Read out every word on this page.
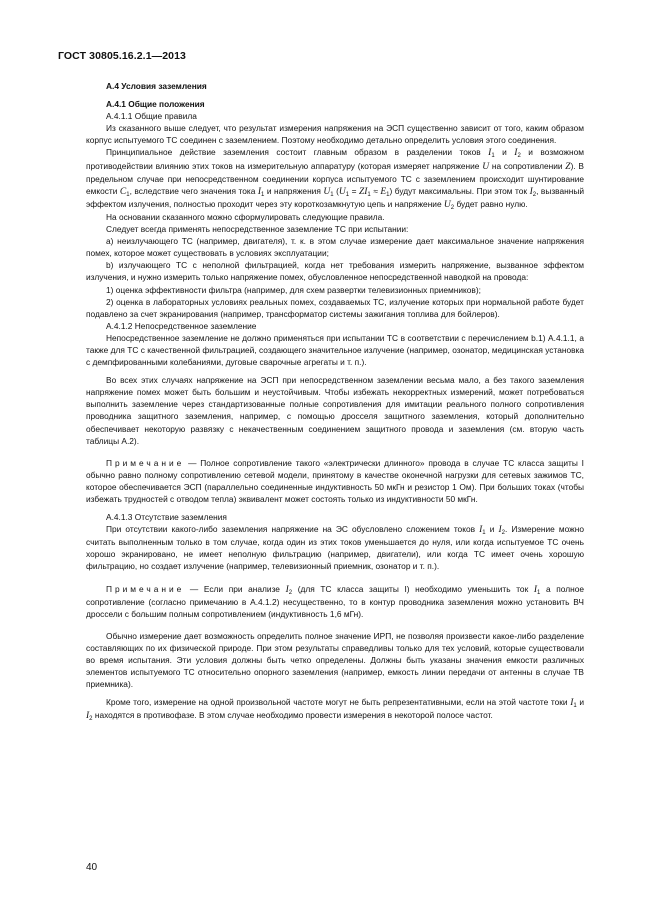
ГОСТ 30805.16.2.1—2013

А.4 Условия заземления

А.4.1 Общие положения

А.4.1.1 Общие правила

Из сказанного выше следует, что результат измерения напряжения на ЭСП существенно зависит от того, каким образом корпус испытуемого ТС соединен с заземлением. Поэтому необходимо детально определить условия этого соединения.

Принципиальное действие заземления состоит главным образом в разделении токов $I_1$ и $I_2$ и возможном противодействии влиянию этих токов на измерительную аппаратуру (которая измеряет напряжение U на сопротивлении Z). В предельном случае при непосредственном соединении корпуса испытуемого ТС с заземлением происходит шунтирование емкости $C_1$, вследствие чего значения тока $I_1$ и напряжения $U_1$ $(U_1 = ZI_1 \approx E_1)$ будут максимальны. При этом ток $I_2$, вызванный эффектом излучения, полностью проходит через эту короткозамкнутую цепь и напряжение $U_2$ будет равно нулю.

На основании сказанного можно сформулировать следующие правила.

Следует всегда применять непосредственное заземление ТС при испытании:

a) неизлучающего ТС (например, двигателя), т. к. в этом случае измерение дает максимальное значение напряжения помех, которое может существовать в условиях эксплуатации;

b) излучающего ТС с неполной фильтрацией, когда нет требования измерить напряжение, вызванное эффектом излучения, и нужно измерить только напряжение помех, обусловленное непосредственной наводкой на провода:

1) оценка эффективности фильтра (например, для схем развертки телевизионных приемников);

2) оценка в лабораторных условиях реальных помех, создаваемых ТС, излучение которых при нормальной работе будет подавлено за счет экранирования (например, трансформатор системы зажигания топлива для бойлеров).

А.4.1.2 Непосредственное заземление

Непосредственное заземление не должно применяться при испытании ТС в соответствии с перечислением b.1) А.4.1.1, а также для ТС с качественной фильтрацией, создающего значительное излучение (например, озонатор, медицинская установка с демпфированными колебаниями, дуговые сварочные агрегаты и т. п.).

Во всех этих случаях напряжение на ЭСП при непосредственном заземлении весьма мало, а без такого заземления напряжение помех может быть большим и неустойчивым. Чтобы избежать некорректных измерений, может потребоваться выполнить заземление через стандартизованные полные сопротивления для имитации реального полного сопротивления проводника защитного заземления, например, с помощью дросселя защитного заземления, который дополнительно обеспечивает некоторую развязку с некачественным соединением защитного провода и заземления (см. вторую часть таблицы А.2).

Примечание — Полное сопротивление такого «электрически длинного» провода в случае ТС класса защиты I обычно равно полному сопротивлению сетевой модели, принятому в качестве оконечной нагрузки для сетевых зажимов ТС, которое обеспечивается ЭСП (параллельно соединенные индуктивность 50 мкГн и резистор 1 Ом). При больших токах (чтобы избежать трудностей с отводом тепла) эквивалент может состоять только из индуктивности 50 мкГн.

А.4.1.3 Отсутствие заземления

При отсутствии какого-либо заземления напряжение на ЭС обусловлено сложением токов $I_1$ и $I_2$. Измерение можно считать выполненным только в том случае, когда один из этих токов уменьшается до нуля, или когда испытуемое ТС очень хорошо экранировано, не имеет неполную фильтрацию (например, двигатели), или когда ТС имеет очень хорошую фильтрацию, но создает излучение (например, телевизионный приемник, озонатор и т. п.).

Примечание — Если при анализе $I_2$ (для ТС класса защиты I) необходимо уменьшить ток $I_1$ а полное сопротивление (согласно примечанию в А.4.1.2) несущественно, то в контур проводника заземления можно установить ВЧ дроссели с большим полным сопротивлением (индуктивность 1,6 мГн).

Обычно измерение дает возможность определить полное значение ИРП, не позволяя произвести какое-либо разделение составляющих по их физической природе. При этом результаты справедливы только для тех условий, которые существовали во время испытания. Эти условия должны быть четко определены. Должны быть указаны значения емкости различных элементов испытуемого ТС относительно опорного заземления (например, емкость линии передачи от антенны в случае ТВ приемника).

Кроме того, измерение на одной произвольной частоте могут не быть репрезентативными, если на этой частоте токи $I_1$ и $I_2$ находятся в противофазе. В этом случае необходимо провести измерения в некоторой полосе частот.

40
